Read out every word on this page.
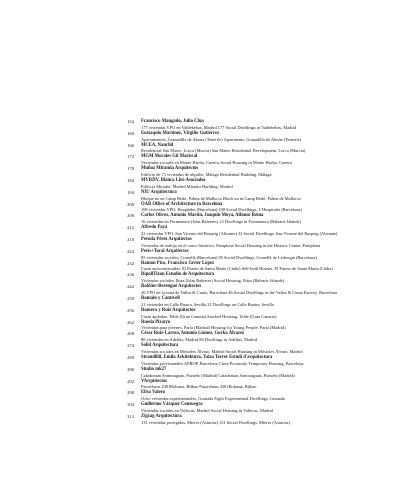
154 Francisco Mangado, Julio Clua
177 viviendas VPO en Valdebebas, Madrid 177 Social Dwellings in Valdebebas, Madrid
160 Eustaquio Martínez, Virgilio Gutiérrez
Apartamentos, Granadilla de Abona (Tenerife) Apartments, Granadilla de Abona (Tenerife)
166 MCEA, Nanclid
Residencial San Mateo, Lorca (Murcia) San Mateo Residential Development, Lorca (Murcia)
172 MGM Morales Gil Mariscal
Viviendas sociales en Monte Hacho, Cuenca Social Housing in Monte Hacho, Cuenca
178 Muñoz Miranda Arquitectos
Edificio de 73 viviendas de alquiler, Málaga Residential Building, Málaga
184 MVRDV, Blanca Lleó Asociados
Edificio Mirador, Madrid Mirador Building, Madrid
194 NIU Arquitectura
Bloque no en Camp Redó, Palma de Mallorca Block no in Camp Redó, Palma de Mallorca
200 OAB Office of Architecture in Barcelona
108 viviendas VPO, Hospitalet (Barcelona) 108 Social Dwellings, L'Hospitalet (Barcelona)
206 Carlos Olivez, Antonio Martín, Joaquín Moya, Alfonso Reina
16 viviendas en Formentera (Islas Baleares) 14 Dwellings in Formentera (Balearic Islands)
212 Alfredo Payá
32 viviendas VPO, San Vicente del Raspeig (Alicante) 32 Social Dwellings, San Vicente del Raspeig (Alicante)
218 Peroda Pérez Arquitectos
Viviendas de realojo en el casco histórico, Pamplona Social Housing in the Historic Center, Pamplona
224 Perís+Toral Arquitectes
85 viviendas sociales, Cornellà (Barcelona) 85 Social Dwellings, Cornellà de Llobregat (Barcelona)
232 Ramón Pico, Francisco Javier López
Casas autoconstruidas, El Puerto de Santa María (Cádiz) Self-built Houses, El Puerto de Santa María (Cádiz)
236 RipollTizon Estudio de Arquitectura
Viviendas sociales, Ibiza (Islas Baleares) Social Housing, Ibiza (Balearic Islands)
242 Roldán+Berengué Arquitectes
46 VPO en la zona de Vallsa & Cunia, Barcelona 46 Social Dwellings in the Vallsa & Cunia Factory, Barcelona
250 Romain y Cantivell
21 viviendas en Calle Ruaira, Sevilla 21 Dwellings on Calle Ruaira, Sevilla
256 Romera y Ruiz Arquitectos
Casas apiladas, Telde (Gran Canaria) Stacked Housing, Telde (Gran Canaria)
262 Rueda Pizarro
Viviendas para jóvenes, Parla (Madrid) Housing for Young People, Parla (Madrid)
268 César Ruiz-Larrea, Antonio Gómez, Gorka Álvarez
86 viviendas en Adelfas, Madrid 86 Dwellings in Adelfas, Madrid
274 Solid Arquitectura
Viviendas sociales en Móstoles Álvaro, Madrid Social Housing in Móstoles Álvaro, Madrid
280 Strandlilil, Emila Arkitektura, Yaiza Terrer Estudi d'arquitectura
Viviendas provisionales APROP, Barcelona Close Proximity Temporary Housing, Barcelona
286 Studio mk27
Caladonian Somosaguas, Pozuelo (Madrid) Caladonian Somosaguas, Pozuelo (Madrid)
292 VArquitectos
Passivhaus 4381Bolsana, Bilbao Passivhaus 4381Bolsana, Bilbao
298 Elisa Valero
Ocho viviendas experimentales, Granada Eight Experimental Dwellings, Granada
304 Guillermo Vázquez Consuegra
Viviendas sociales en Vallecas, Madrid Social Housing in Vallecas, Madrid
312 Zigzag Arquitectura
131 viviendas protegidas, Mieres (Asturias) 131 Social Dwellings, Mieres (Asturias)
